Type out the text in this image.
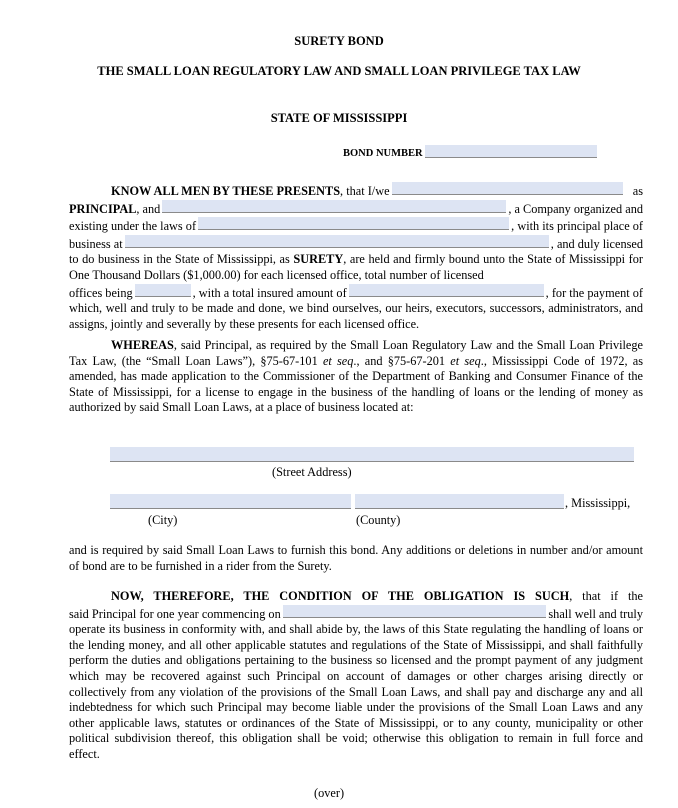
SURETY BOND
THE SMALL LOAN REGULATORY LAW AND SMALL LOAN PRIVILEGE TAX LAW
STATE OF MISSISSIPPI
BOND NUMBER
KNOW ALL MEN BY THESE PRESENTS , that I/we	as
PRINCIPAL , and	, a Company organized and
existing under the laws of	, with its principal place of
business at	, and duly licensed
to do business in the State of Mississippi, as SURETY, are held and firmly bound unto the State of Mississippi for One Thousand Dollars ($1,000.00) for each licensed office, total number of licensed
offices being	, with a total insured amount of	, for the payment of
which, well and truly to be made and done, we bind ourselves, our heirs, executors, successors, administrators, and assigns, jointly and severally by these presents for each licensed office.
WHEREAS, said Principal, as required by the Small Loan Regulatory Law and the Small Loan Privilege Tax Law, (the “Small Loan Laws”), §75-67-101 et seq., and §75-67-201 et seq., Mississippi Code of 1972, as amended, has made application to the Commissioner of the Department of Banking and Consumer Finance of the State of Mississippi, for a license to engage in the business of the handling of loans or the lending of money as authorized by said Small Loan Laws, at a place of business located at:
(Street Address)
, Mississippi,
(City)	(County)
and is required by said Small Loan Laws to furnish this bond. Any additions or deletions in number and/or amount of bond are to be furnished in a rider from the Surety.
NOW, THEREFORE, THE CONDITION OF THE OBLIGATION IS SUCH, that if the
said Principal for one year commencing on	shall well and truly
operate its business in conformity with, and shall abide by, the laws of this State regulating the handling of loans or the lending money, and all other applicable statutes and regulations of the State of Mississippi, and shall faithfully perform the duties and obligations pertaining to the business so licensed and the prompt payment of any judgment which may be recovered against such Principal on account of damages or other charges arising directly or collectively from any violation of the provisions of the Small Loan Laws, and shall pay and discharge any and all indebtedness for which such Principal may become liable under the provisions of the Small Loan Laws and any other applicable laws, statutes or ordinances of the State of Mississippi, or to any county, municipality or other political subdivision thereof, this obligation shall be void; otherwise this obligation to remain in full force and effect.
(over)
